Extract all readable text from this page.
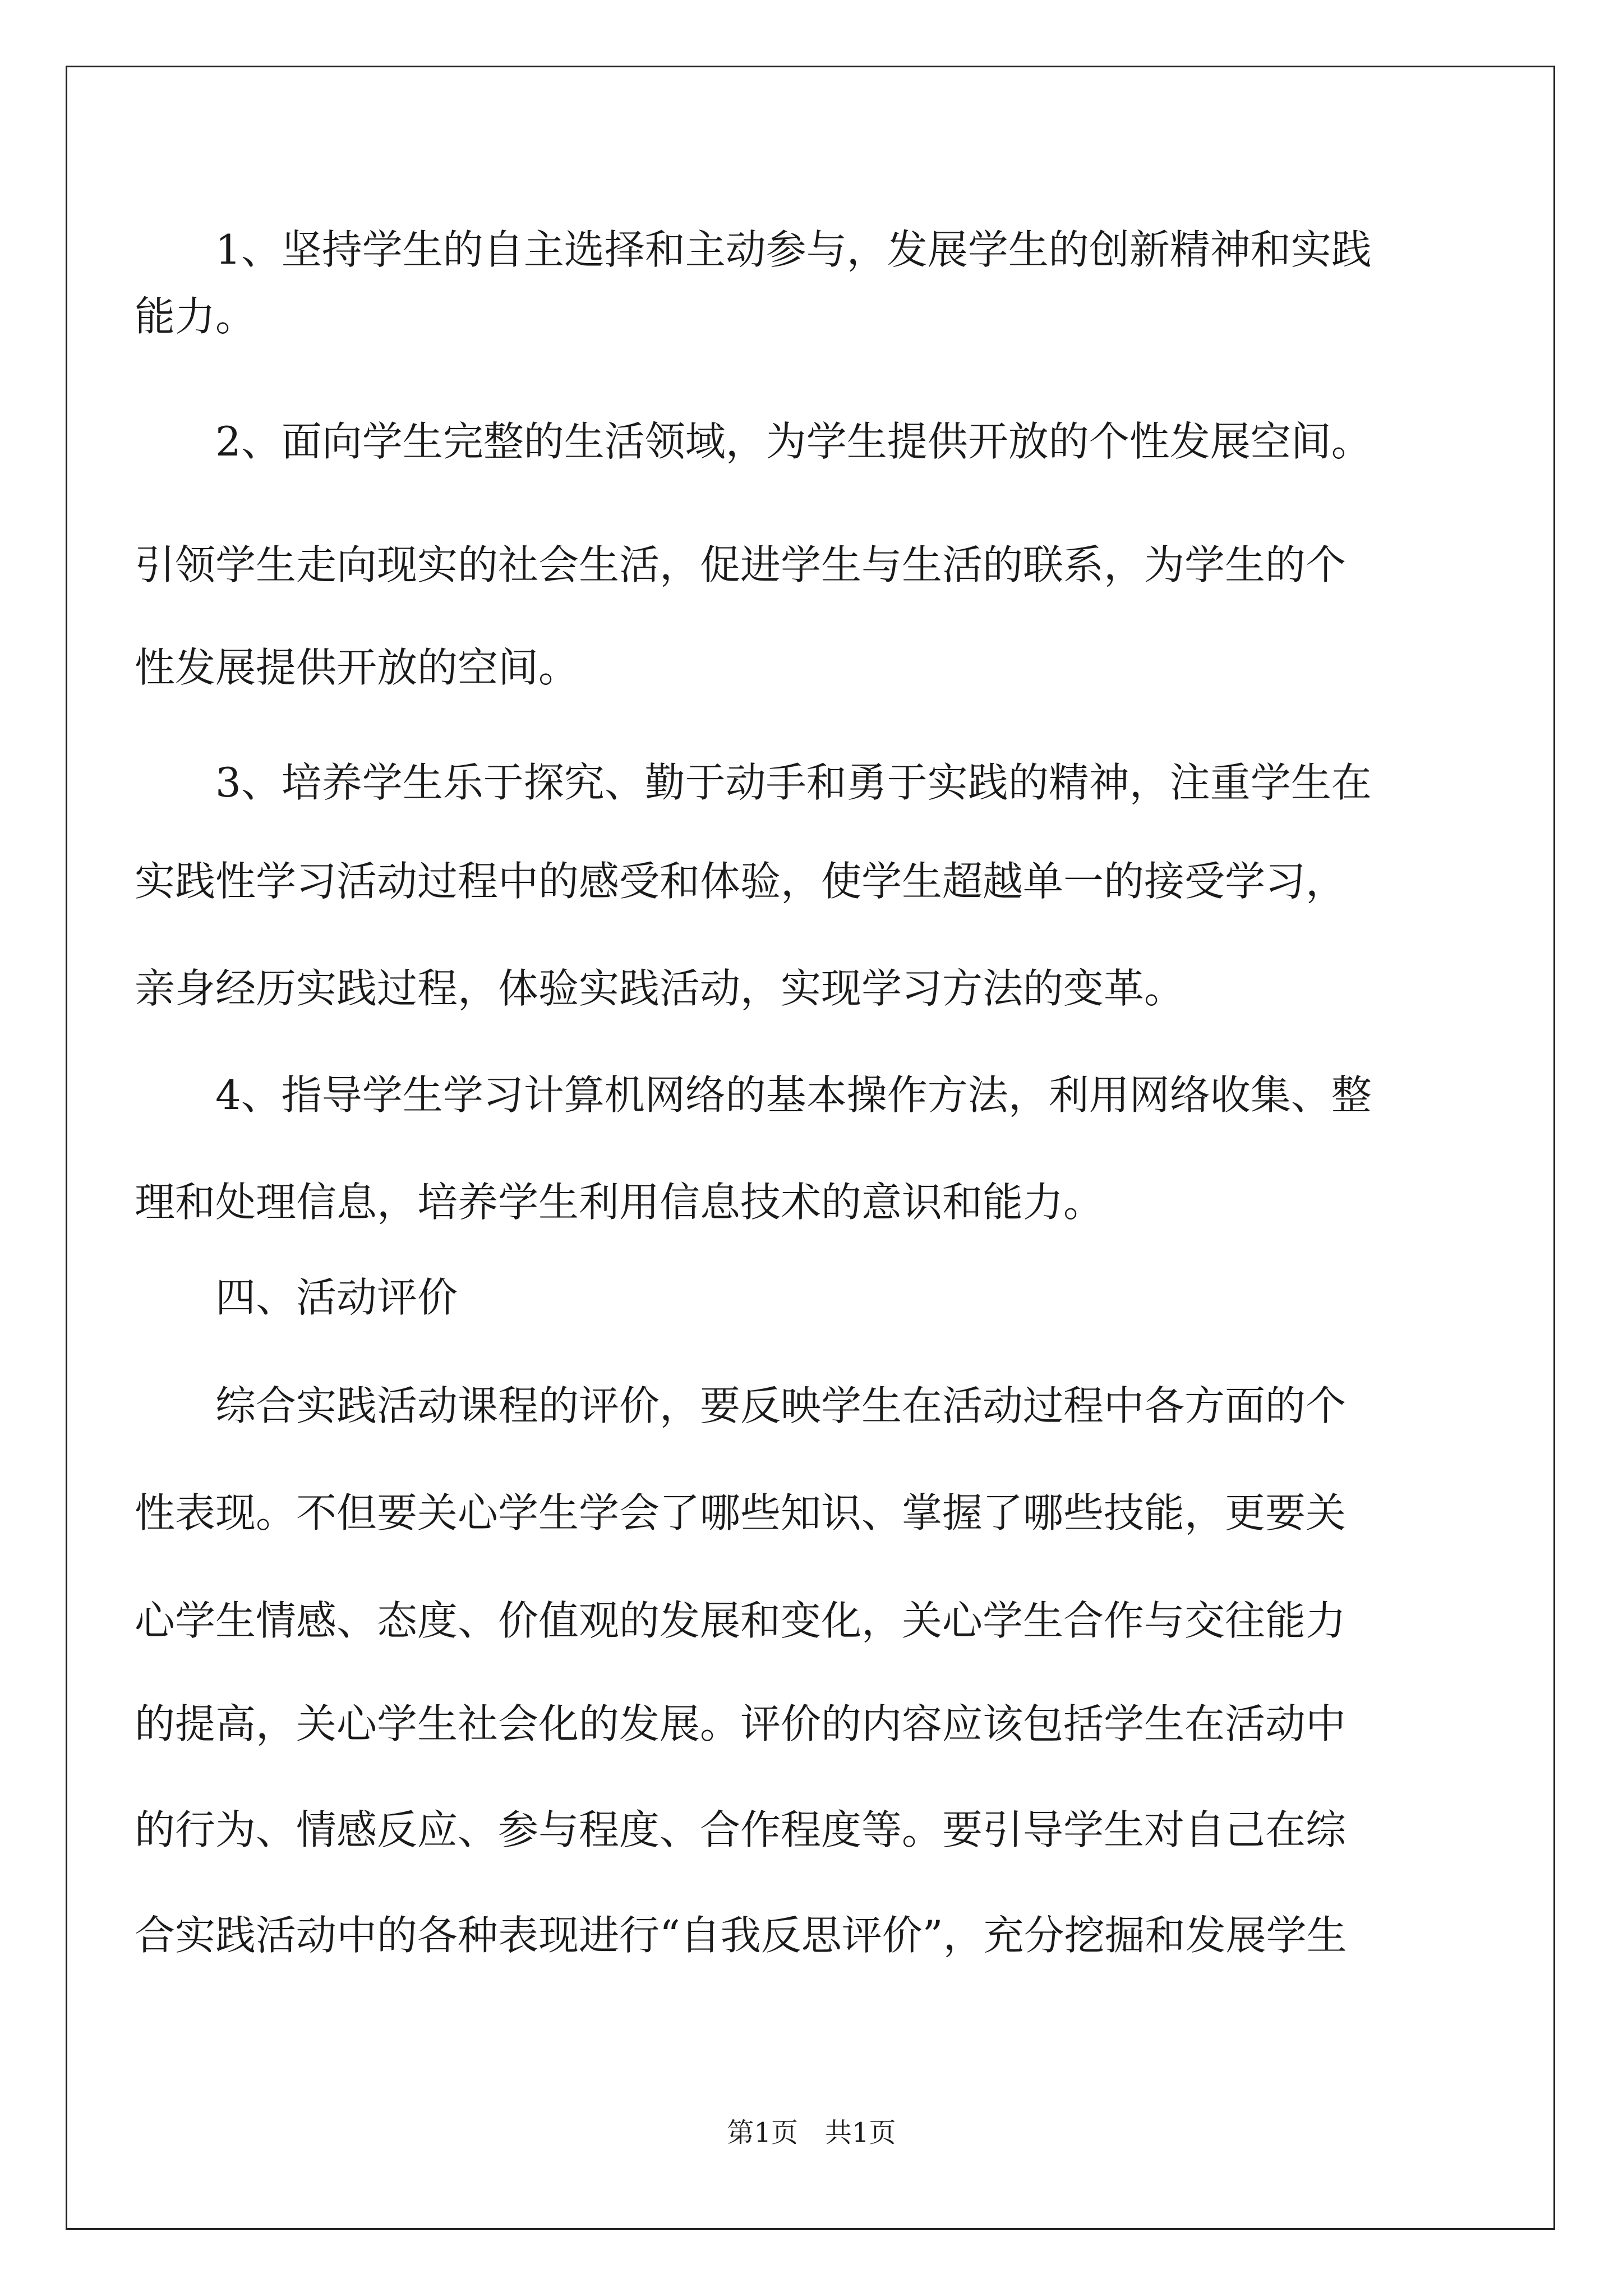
1、坚持学生的自主选择和主动参与，发展学生的创新精神和实践
能力。
2、面向学生完整的生活领域，为学生提供开放的个性发展空间。
引领学生走向现实的社会生活，促进学生与生活的联系，为学生的个
性发展提供开放的空间。
3、培养学生乐于探究、勤于动手和勇于实践的精神，注重学生在
实践性学习活动过程中的感受和体验，使学生超越单一的接受学习，
亲身经历实践过程，体验实践活动，实现学习方法的变革。
4、指导学生学习计算机网络的基本操作方法，利用网络收集、整
理和处理信息，培养学生利用信息技术的意识和能力。
四、活动评价
综合实践活动课程的评价，要反映学生在活动过程中各方面的个
性表现。不但要关心学生学会了哪些知识、掌握了哪些技能，更要关
心学生情感、态度、价值观的发展和变化，关心学生合作与交往能力
的提高，关心学生社会化的发展。评价的内容应该包括学生在活动中
的行为、情感反应、参与程度、合作程度等。要引导学生对自己在综
合实践活动中的各种表现进行“自我反思评价”，充分挖掘和发展学生
第1页　共1页
